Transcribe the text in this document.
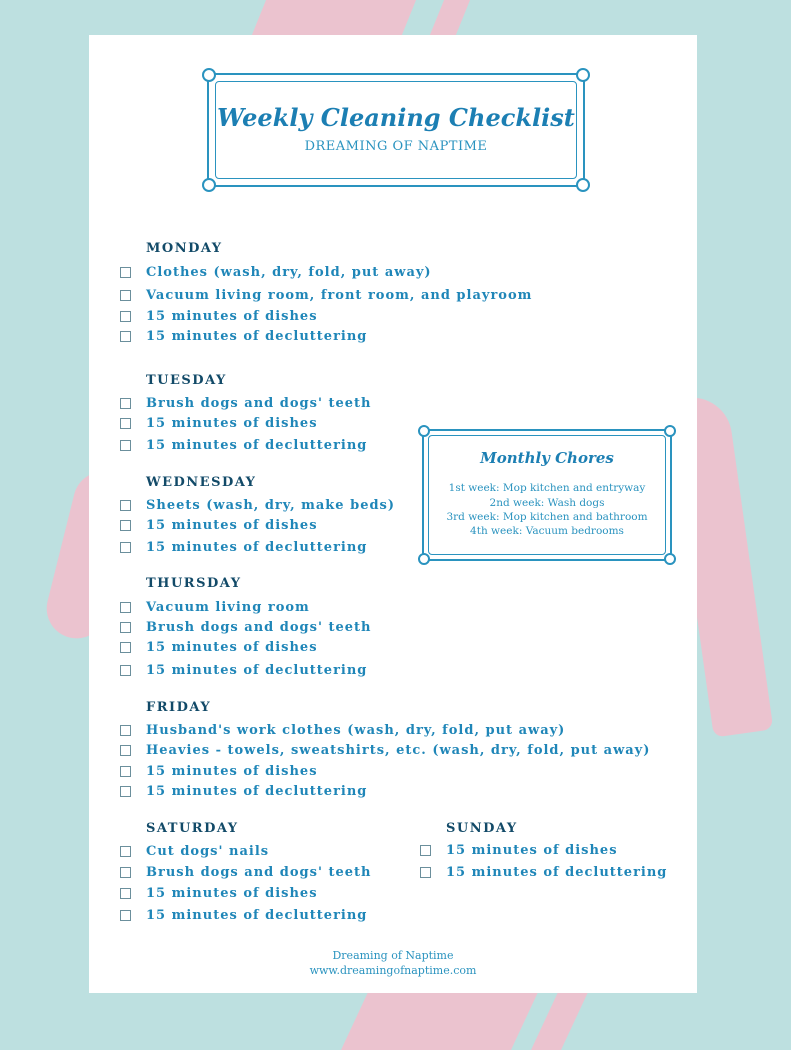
Weekly Cleaning Checklist
DREAMING OF NAPTIME
MONDAY
Clothes (wash, dry, fold, put away)
Vacuum living room, front room, and playroom
15 minutes of dishes
15 minutes of decluttering
TUESDAY
Brush dogs and dogs' teeth
15 minutes of dishes
15 minutes of decluttering
WEDNESDAY
Sheets (wash, dry, make beds)
15 minutes of dishes
15 minutes of decluttering
Monthly Chores
1st week: Mop kitchen and entryway
2nd week: Wash dogs
3rd week: Mop kitchen and bathroom
4th week: Vacuum bedrooms
THURSDAY
Vacuum living room
Brush dogs and dogs' teeth
15 minutes of dishes
15 minutes of decluttering
FRIDAY
Husband's work clothes (wash, dry, fold, put away)
Heavies - towels, sweatshirts, etc. (wash, dry, fold, put away)
15 minutes of dishes
15 minutes of decluttering
SATURDAY
Cut dogs' nails
Brush dogs and dogs' teeth
15 minutes of dishes
15 minutes of decluttering
SUNDAY
15 minutes of dishes
15 minutes of decluttering
Dreaming of Naptime
www.dreamingofnaptime.com
